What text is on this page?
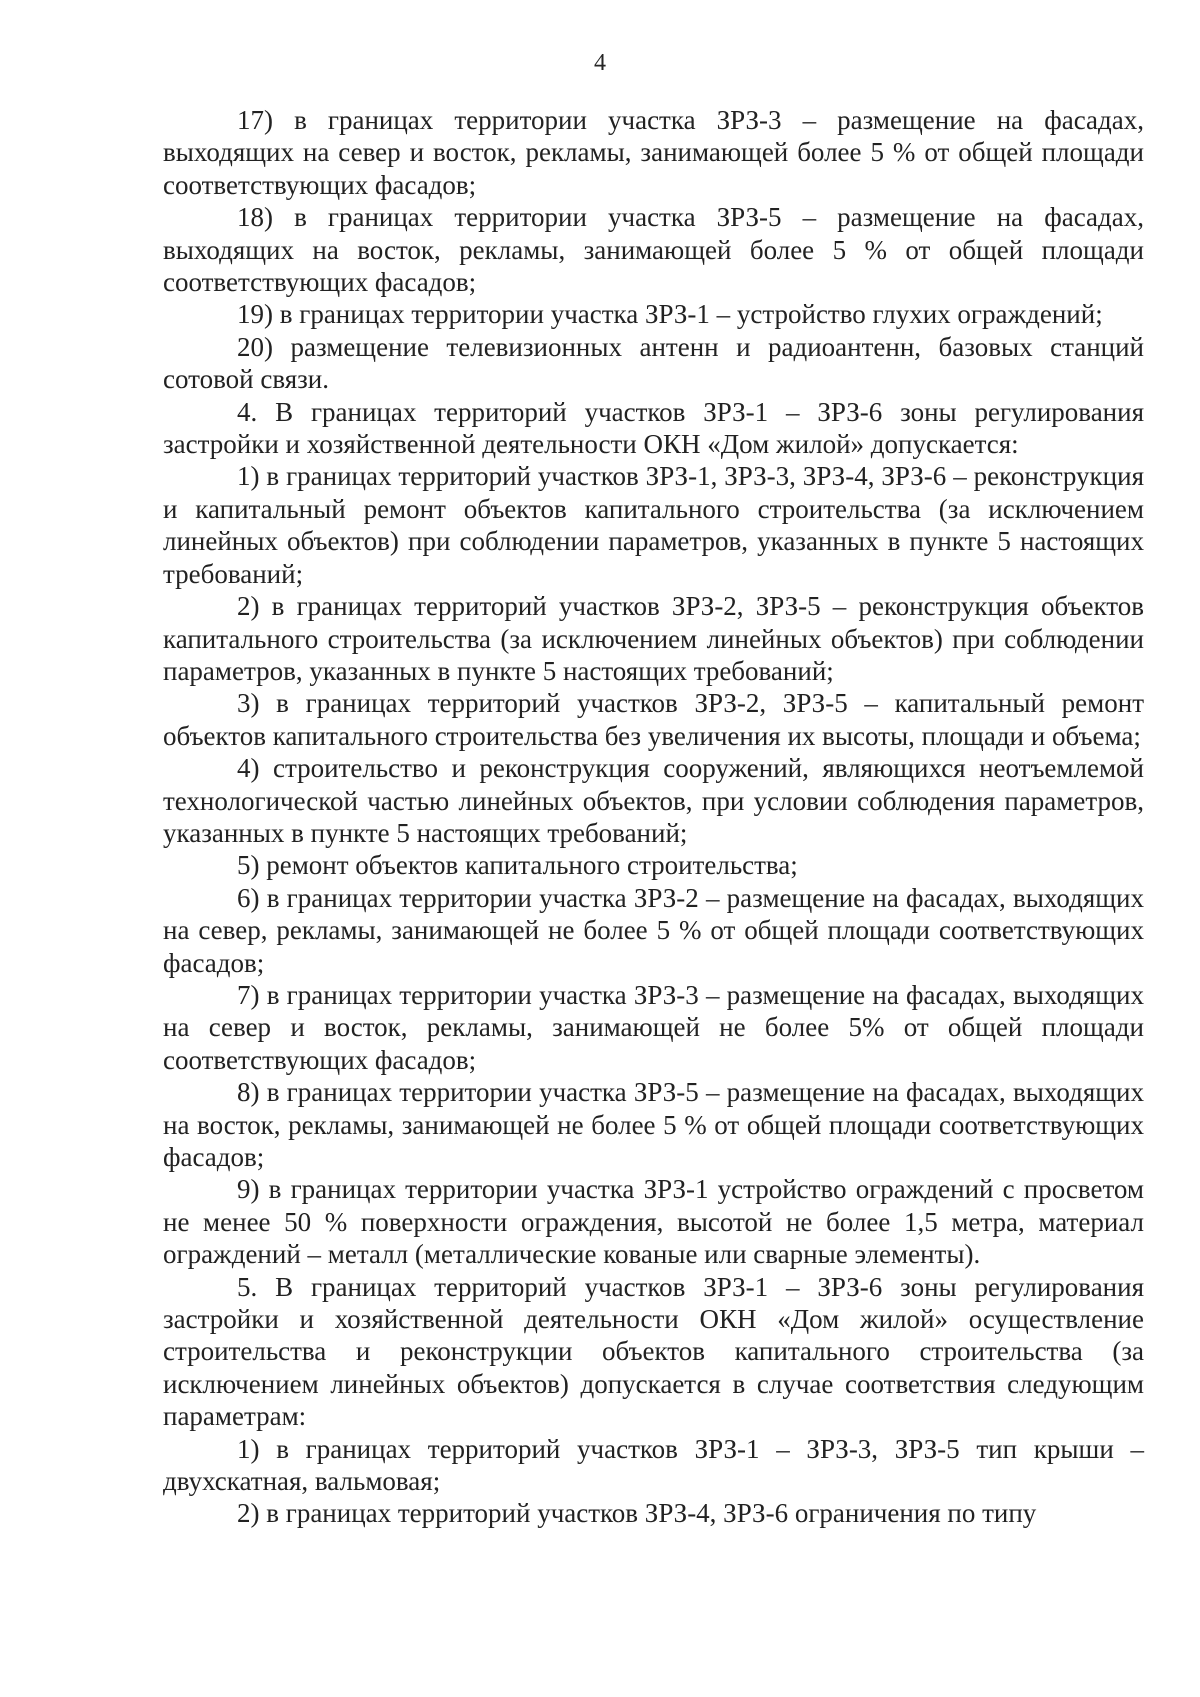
4

17) в границах территории участка ЗРЗ-3 – размещение на фасадах, выходящих на север и восток, рекламы, занимающей более 5 % от общей площади соответствующих фасадов;

18) в границах территории участка ЗРЗ-5 – размещение на фасадах, выходящих на восток, рекламы, занимающей более 5 % от общей площади соответствующих фасадов;

19) в границах территории участка ЗРЗ-1 – устройство глухих ограждений;

20) размещение телевизионных антенн и радиоантенн, базовых станций сотовой связи.

4. В границах территорий участков ЗРЗ-1 – ЗРЗ-6 зоны регулирования застройки и хозяйственной деятельности ОКН «Дом жилой» допускается:

1) в границах территорий участков ЗРЗ-1, ЗРЗ-3, ЗРЗ-4, ЗРЗ-6 – реконструкция и капитальный ремонт объектов капитального строительства (за исключением линейных объектов) при соблюдении параметров, указанных в пункте 5 настоящих требований;

2) в границах территорий участков ЗРЗ-2, ЗРЗ-5 – реконструкция объектов капитального строительства (за исключением линейных объектов) при соблюдении параметров, указанных в пункте 5 настоящих требований;

3) в границах территорий участков ЗРЗ-2, ЗРЗ-5 – капитальный ремонт объектов капитального строительства без увеличения их высоты, площади и объема;

4) строительство и реконструкция сооружений, являющихся неотъемлемой технологической частью линейных объектов, при условии соблюдения параметров, указанных в пункте 5 настоящих требований;

5) ремонт объектов капитального строительства;

6) в границах территории участка ЗРЗ-2 – размещение на фасадах, выходящих на север, рекламы, занимающей не более 5 % от общей площади соответствующих фасадов;

7) в границах территории участка ЗРЗ-3 – размещение на фасадах, выходящих на север и восток, рекламы, занимающей не более 5% от общей площади соответствующих фасадов;

8) в границах территории участка ЗРЗ-5 – размещение на фасадах, выходящих на восток, рекламы, занимающей не более 5 % от общей площади соответствующих фасадов;

9) в границах территории участка ЗРЗ-1 устройство ограждений с просветом не менее 50 % поверхности ограждения, высотой не более 1,5 метра, материал ограждений – металл (металлические кованые или сварные элементы).

5. В границах территорий участков ЗРЗ-1 – ЗРЗ-6 зоны регулирования застройки и хозяйственной деятельности ОКН «Дом жилой» осуществление строительства и реконструкции объектов капитального строительства (за исключением линейных объектов) допускается в случае соответствия следующим параметрам:

1) в границах территорий участков ЗРЗ-1 – ЗРЗ-3, ЗРЗ-5 тип крыши – двухскатная, вальмовая;

2) в границах территорий участков ЗРЗ-4, ЗРЗ-6 ограничения по типу
